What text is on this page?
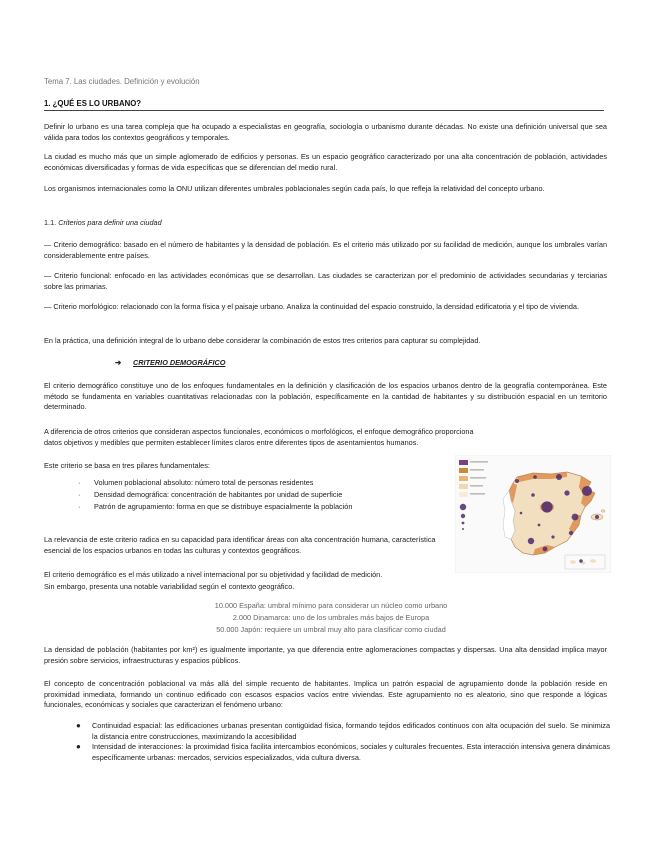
Tema 7. Las ciudades. Definición y evolución
1. ¿QUÉ ES LO URBANO?

Definir lo urbano es una tarea compleja que ha ocupado a especialistas en geografía, sociología o urbanismo durante décadas. No existe una definición universal que sea válida para todos los contextos geográficos y temporales.

La ciudad es mucho más que un simple aglomerado de edificios y personas. Es un espacio geográfico caracterizado por una alta concentración de población, actividades económicas diversificadas y formas de vida específicas que se diferencian del medio rural.

Los organismos internacionales como la ONU utilizan diferentes umbrales poblacionales según cada país, lo que refleja la relatividad del concepto urbano.

1.1. Criterios para definir una ciudad

— Criterio demográfico: basado en el número de habitantes y la densidad de población. Es el criterio más utilizado por su facilidad de medición, aunque los umbrales varían considerablemente entre países.

— Criterio funcional: enfocado en las actividades económicas que se desarrollan. Las ciudades se caracterizan por el predominio de actividades secundarias y terciarias sobre las primarias.

— Criterio morfológico: relacionado con la forma física y el paisaje urbano. Analiza la continuidad del espacio construido, la densidad edificatoria y el tipo de vivienda.

En la práctica, una definición integral de lo urbano debe considerar la combinación de estos tres criterios para capturar su complejidad.

➔ CRITERIO DEMOGRÁFICO

El criterio demográfico constituye uno de los enfoques fundamentales en la definición y clasificación de los espacios urbanos dentro de la geografía contemporánea. Este método se fundamenta en variables cuantitativas relacionadas con la población, específicamente en la cantidad de habitantes y su distribución espacial en un territorio determinado.

A diferencia de otros criterios que consideran aspectos funcionales, económicos o morfológicos, el enfoque demográfico proporciona

datos objetivos y medibles que permiten establecer límites claros entre diferentes tipos de asentamientos humanos.

Este criterio se basa en tres pilares fundamentales:

· Volumen poblacional absoluto: número total de personas residentes
· Densidad demográfica: concentración de habitantes por unidad de superficie
· Patrón de agrupamiento: forma en que se distribuye espacialmente la población

La relevancia de este criterio radica en su capacidad para identificar áreas con alta concentración humana, característica esencial de los espacios urbanos en todas las culturas y contextos geográficos.

El criterio demográfico es el más utilizado a nivel internacional por su objetividad y facilidad de medición.

Sin embargo, presenta una notable variabilidad según el contexto geográfico.

10.000 España: umbral mínimo para considerar un núcleo como urbano
2.000 Dinamarca: uno de los umbrales más bajos de Europa
50.000 Japón: requiere un umbral muy alto para clasificar como ciudad

La densidad de población (habitantes por km²) es igualmente importante, ya que diferencia entre aglomeraciones compactas y dispersas. Una alta densidad implica mayor presión sobre servicios, infraestructuras y espacios públicos.

El concepto de concentración poblacional va más allá del simple recuento de habitantes. Implica un patrón espacial de agrupamiento donde la población reside en proximidad inmediata, formando un continuo edificado con escasos espacios vacíos entre viviendas. Este agrupamiento no es aleatorio, sino que responde a lógicas funcionales, económicas y sociales que caracterizan el fenómeno urbano:

● Continuidad espacial: las edificaciones urbanas presentan contigüidad física, formando tejidos edificados continuos con alta ocupación del suelo. Se minimiza la distancia entre construcciones, maximizando la accesibilidad
● Intensidad de interacciones: la proximidad física facilita intercambios económicos, sociales y culturales frecuentes. Esta interacción intensiva genera dinámicas específicamente urbanas: mercados, servicios especializados, vida cultura diversa.
